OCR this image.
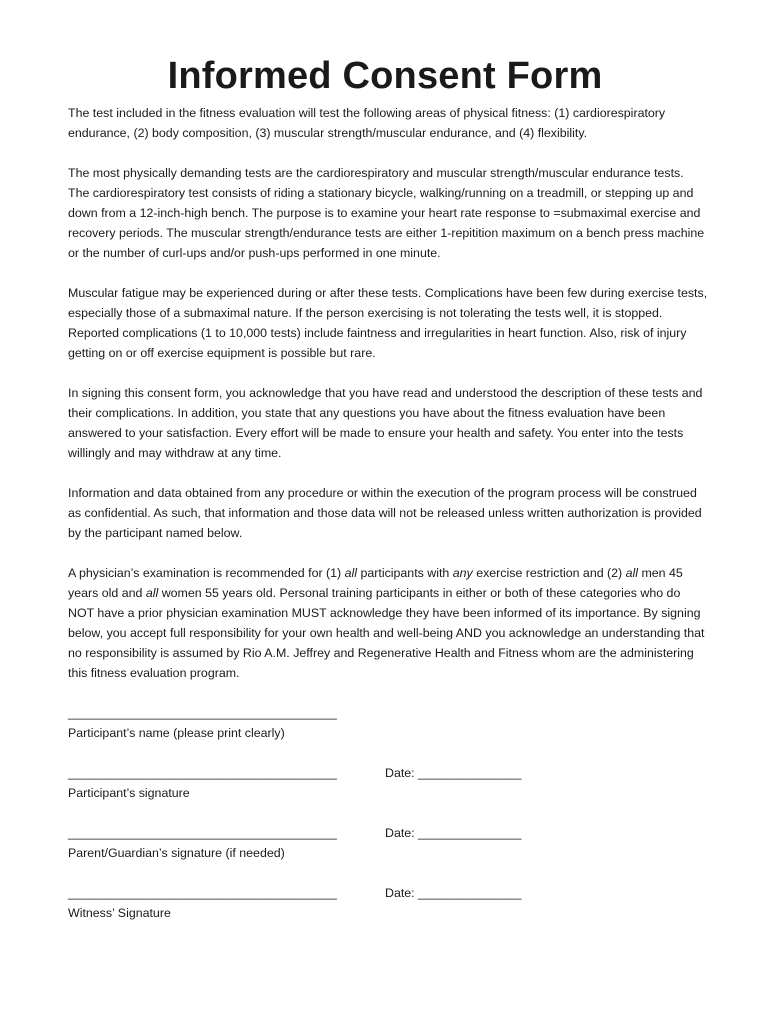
Informed Consent Form

The test included in the fitness evaluation will test the following areas of physical fitness: (1) cardiorespiratory endurance, (2) body composition, (3) muscular strength/muscular endurance, and (4) flexibility.

The most physically demanding tests are the cardiorespiratory and muscular strength/muscular endurance tests. The cardiorespiratory test consists of riding a stationary bicycle, walking/running on a treadmill, or stepping up and down from a 12-inch-high bench. The purpose is to examine your heart rate response to =submaximal exercise and recovery periods. The muscular strength/endurance tests are either 1-repitition maximum on a bench press machine or the number of curl-ups and/or push-ups performed in one minute.

Muscular fatigue may be experienced during or after these tests. Complications have been few during exercise tests, especially those of a submaximal nature. If the person exercising is not tolerating the tests well, it is stopped. Reported complications (1 to 10,000 tests) include faintness and irregularities in heart function. Also, risk of injury getting on or off exercise equipment is possible but rare.

In signing this consent form, you acknowledge that you have read and understood the description of these tests and their complications. In addition, you state that any questions you have about the fitness evaluation have been answered to your satisfaction. Every effort will be made to ensure your health and safety. You enter into the tests willingly and may withdraw at any time.

Information and data obtained from any procedure or within the execution of the program process will be construed as confidential. As such, that information and those data will not be released unless written authorization is provided by the participant named below.

A physician’s examination is recommended for (1) all participants with any exercise restriction and (2) all men 45 years old and all women 55 years old. Personal training participants in either or both of these categories who do NOT have a prior physician examination MUST acknowledge they have been informed of its importance. By signing below, you accept full responsibility for your own health and well-being AND you acknowledge an understanding that no responsibility is assumed by Rio A.M. Jeffrey and Regenerative Health and Fitness whom are the administering this fitness evaluation program.

_______________________________________
Participant’s name (please print clearly)
_______________________________________	Date: _______________
Participant’s signature
_______________________________________	Date: _______________
Parent/Guardian’s signature (if needed)
_______________________________________	Date: _______________
Witness’ Signature
